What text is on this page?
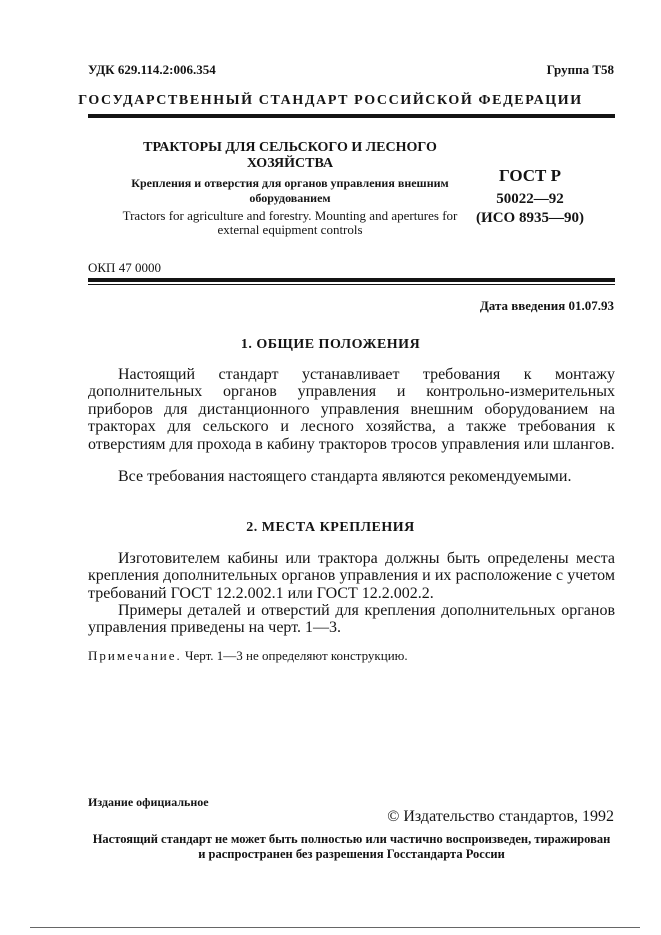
УДК 629.114.2:006.354	Группа Т58
ГОСУДАРСТВЕННЫЙ СТАНДАРТ РОССИЙСКОЙ ФЕДЕРАЦИИ
ТРАКТОРЫ ДЛЯ СЕЛЬСКОГО И ЛЕСНОГО ХОЗЯЙСТВА
Крепления и отверстия для органов управления внешним оборудованием
Tractors for agriculture and forestry. Mounting and apertures for external equipment controls
ГОСТ Р
50022—92
(ИСО 8935—90)
ОКП 47 0000
Дата введения 01.07.93
1. ОБЩИЕ ПОЛОЖЕНИЯ

Настоящий стандарт устанавливает требования к монтажу дополнительных органов управления и контрольно-измерительных приборов для дистанционного управления внешним оборудованием на тракторах для сельского и лесного хозяйства, а также требования к отверстиям для прохода в кабину тракторов тросов управления или шлангов.

Все требования настоящего стандарта являются рекомендуемыми.

2. МЕСТА КРЕПЛЕНИЯ

Изготовителем кабины или трактора должны быть определены места крепления дополнительных органов управления и их расположение с учетом требований ГОСТ 12.2.002.1 или ГОСТ 12.2.002.2.

Примеры деталей и отверстий для крепления дополнительных органов управления приведены на черт. 1—3.

Примечание. Черт. 1—3 не определяют конструкцию.
Издание официальное
© Издательство стандартов, 1992
Настоящий стандарт не может быть полностью или частично воспроизведен, тиражирован и распространен без разрешения Госстандарта России
